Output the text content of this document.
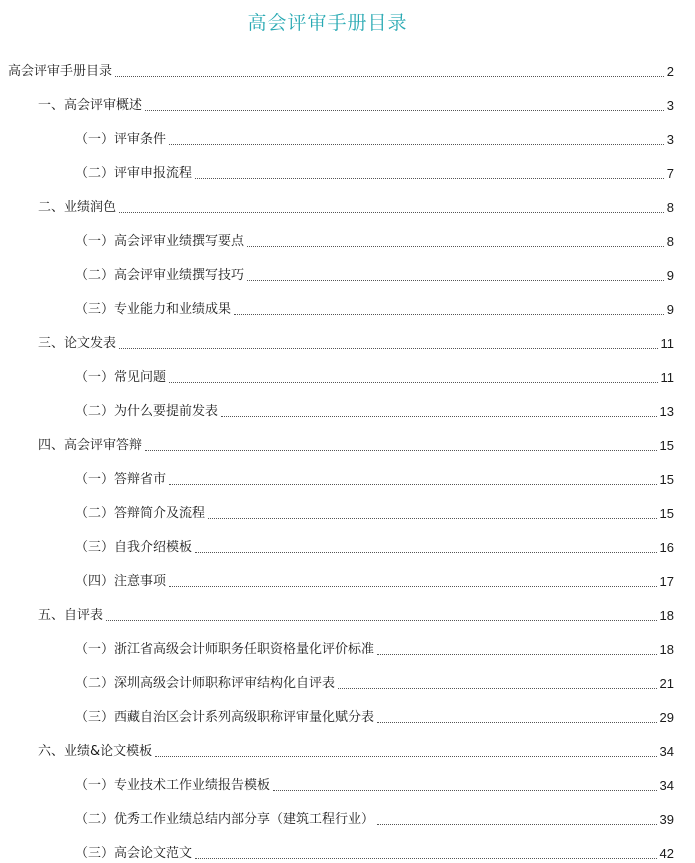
高会评审手册目录
高会评审手册目录	2
一、高会评审概述	3
（一）评审条件	3
（二）评审申报流程	7
二、业绩润色	8
（一）高会评审业绩撰写要点	8
（二）高会评审业绩撰写技巧	9
（三）专业能力和业绩成果	9
三、论文发表	11
（一）常见问题	11
（二）为什么要提前发表	13
四、高会评审答辩	15
（一）答辩省市	15
（二）答辩简介及流程	15
（三）自我介绍模板	16
（四）注意事项	17
五、自评表	18
（一）浙江省高级会计师职务任职资格量化评价标准	18
（二）深圳高级会计师职称评审结构化自评表	21
（三）西藏自治区会计系列高级职称评审量化赋分表	29
六、业绩&论文模板	34
（一）专业技术工作业绩报告模板	34
（二）优秀工作业绩总结内部分享（建筑工程行业）	39
（三）高会论文范文	42
